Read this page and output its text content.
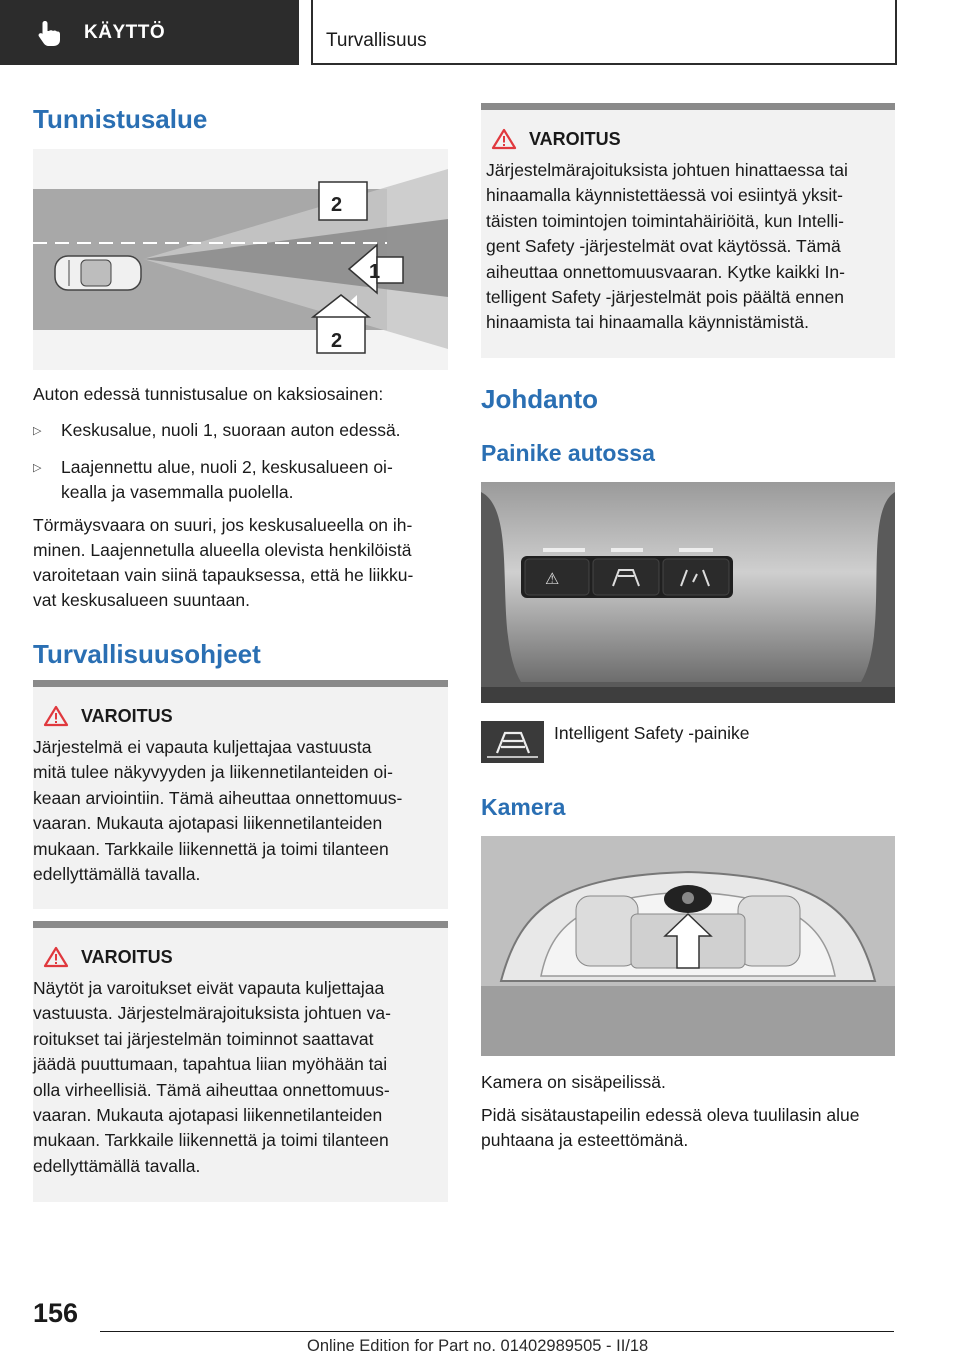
KÄYTTÖ	Turvallisuus
Tunnistusalue
2
1
2

Auton edessä tunnistusalue on kaksiosainen:

▷	Keskusalue, nuoli 1, suoraan auton edessä.
▷	Laajennettu alue, nuoli 2, keskusalueen oi-
kealla ja vasemmalla puolella.

Törmäysvaara on suuri, jos keskusalueella on ih-
minen. Laajennetulla alueella olevista henkilöistä
varoitetaan vain siinä tapauksessa, että he liikku-
vat keskusalueen suuntaan.

Turvallisuusohjeet
VAROITUS

Järjestelmä ei vapauta kuljettajaa vastuusta
mitä tulee näkyvyyden ja liikennetilanteiden oi-
keaan arviointiin. Tämä aiheuttaa onnettomuus-
vaaran. Mukauta ajotapasi liikennetilanteiden
mukaan. Tarkkaile liikennettä ja toimi tilanteen
edellyttämällä tavalla.

VAROITUS

Näytöt ja varoitukset eivät vapauta kuljettajaa
vastuusta. Järjestelmärajoituksista johtuen va-
roitukset tai järjestelmän toiminnot saattavat
jäädä puuttumaan, tapahtua liian myöhään tai
olla virheellisiä. Tämä aiheuttaa onnettomuus-
vaaran. Mukauta ajotapasi liikennetilanteiden
mukaan. Tarkkaile liikennettä ja toimi tilanteen
edellyttämällä tavalla.

VAROITUS

Järjestelmärajoituksista johtuen hinattaessa tai
hinaamalla käynnistettäessä voi esiintyä yksit-
täisten toimintojen toimintahäiriöitä, kun Intelli-
gent Safety -järjestelmät ovat käytössä. Tämä
aiheuttaa onnettomuusvaaran. Kytke kaikki In-
telligent Safety -järjestelmät pois päältä ennen
hinaamista tai hinaamalla käynnistämistä.

Johdanto
Painike autossa
⚠
Intelligent Safety -painike
Kamera

Kamera on sisäpeilissä.

Pidä sisätaustapeilin edessä oleva tuulilasin alue
puhtaana ja esteettömänä.

156
Online Edition for Part no. 01402989505 - II/18
